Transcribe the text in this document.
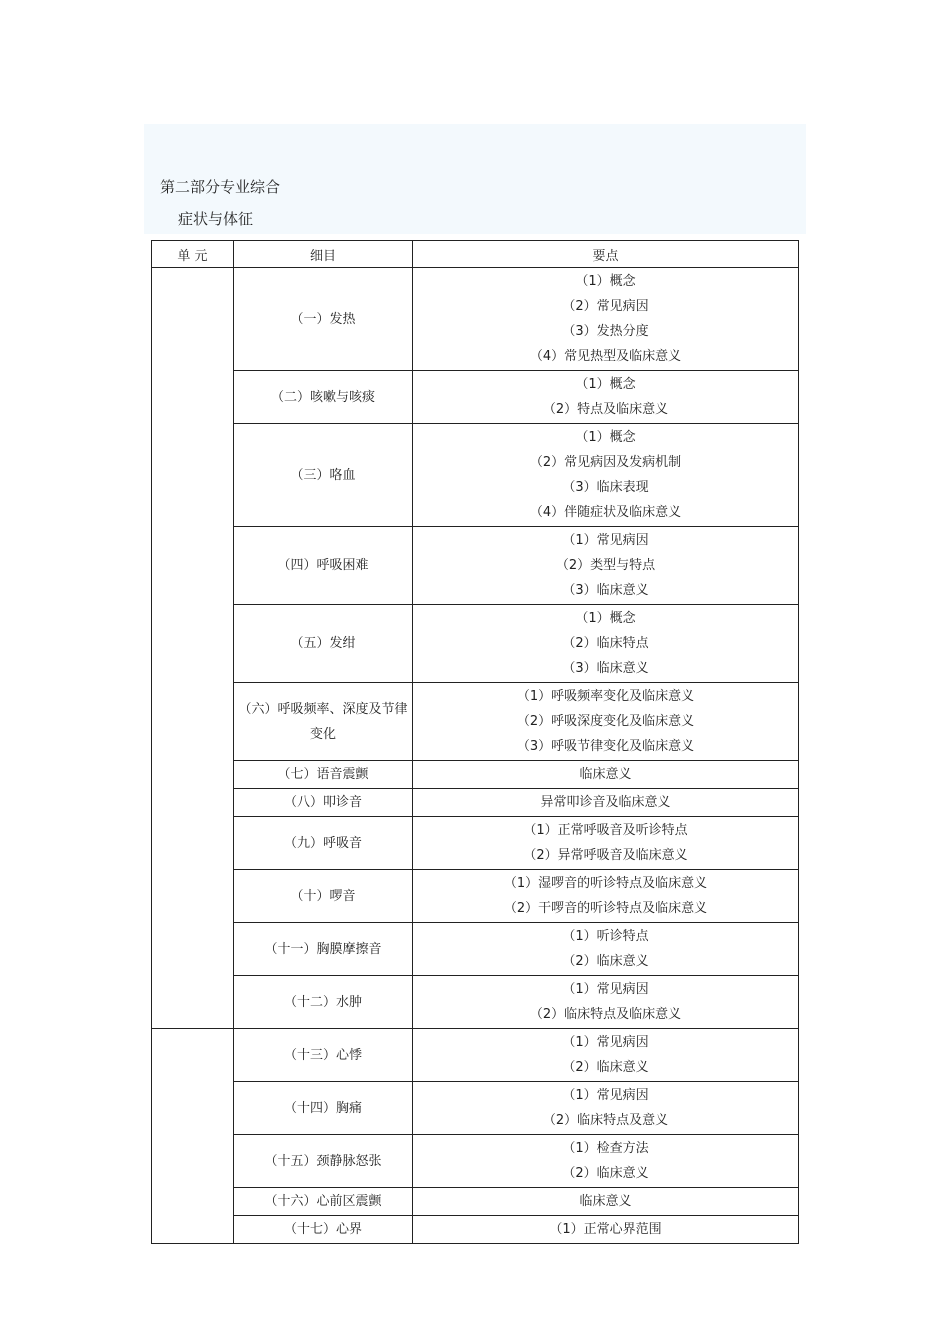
第二部分专业综合
症状与体征
单 元	细目	要点
	（一）发热	（1）概念
（2）常见病因
（3）发热分度
（4）常见热型及临床意义

	（二）咳嗽与咳痰	（1）概念
（2）特点及临床意义

	（三）咯血	（1）概念
（2）常见病因及发病机制
（3）临床表现
（4）伴随症状及临床意义

	（四）呼吸困难	（1）常见病因
（2）类型与特点
（3）临床意义

	（五）发绀	（1）概念
（2）临床特点
（3）临床意义

	（六）呼吸频率、深度及节律变化	（1）呼吸频率变化及临床意义
（2）呼吸深度变化及临床意义
（3）呼吸节律变化及临床意义

	（七）语音震颤	临床意义

	（八）叩诊音	异常叩诊音及临床意义

	（九）呼吸音	（1）正常呼吸音及听诊特点
（2）异常呼吸音及临床意义

	（十）啰音	（1）湿啰音的听诊特点及临床意义
（2）干啰音的听诊特点及临床意义

	（十一）胸膜摩擦音	（1）听诊特点
（2）临床意义

	（十二）水肿	（1）常见病因
（2）临床特点及临床意义

	（十三）心悸	（1）常见病因
（2）临床意义

	（十四）胸痛	（1）常见病因
（2）临床特点及意义

	（十五）颈静脉怒张	（1）检查方法
（2）临床意义

	（十六）心前区震颤	临床意义

	（十七）心界	（1）正常心界范围
